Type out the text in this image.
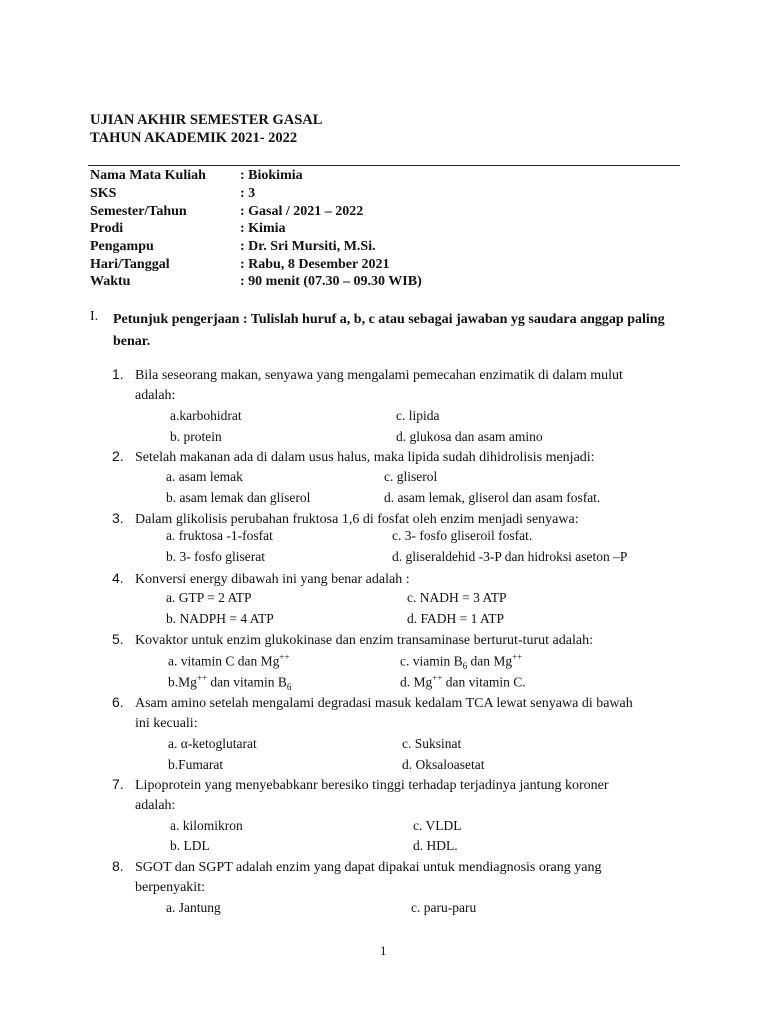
UJIAN AKHIR SEMESTER GASAL
TAHUN AKADEMIK 2021- 2022
Nama Mata Kuliah : Biokimia
SKS	: 3
Semester/Tahun	: Gasal / 2021 – 2022
Prodi	: Kimia
Pengampu	: Dr. Sri Mursiti, M.Si.
Hari/Tanggal	: Rabu, 8 Desember 2021
Waktu	: 90 menit (07.30 – 09.30 WIB)
I. Petunjuk pengerjaan : Tulislah huruf a, b, c atau sebagai jawaban yg saudara anggap paling benar.
1. Bila seseorang makan, senyawa yang mengalami pemecahan enzimatik di dalam mulut
adalah:
a.karbohidrat	c. lipida
b. protein	d. glukosa dan asam amino
2. Setelah makanan ada di dalam usus halus, maka lipida sudah dihidrolisis menjadi:
a. asam lemak	c. gliserol
b. asam lemak dan gliserol	d. asam lemak, gliserol dan asam fosfat.
3. Dalam glikolisis perubahan fruktosa 1,6 di fosfat oleh enzim menjadi senyawa:
a. fruktosa -1-fosfat	c. 3- fosfo gliseroil fosfat.
b. 3- fosfo gliserat	d. gliseraldehid -3-P dan hidroksi aseton –P
4. Konversi energy dibawah ini yang benar adalah :
a. GTP = 2 ATP	c. NADH = 3 ATP
b. NADPH = 4 ATP	d. FADH = 1 ATP
5. Kovaktor untuk enzim glukokinase dan enzim transaminase berturut-turut adalah:
a. vitamin C dan Mg++	c. viamin $B_6$ dan Mg++
b.Mg++ dan vitamin $B_6$	d. Mg++ dan vitamin C.
6. Asam amino setelah mengalami degradasi masuk kedalam TCA lewat senyawa di bawah
ini kecuali:
a. α-ketoglutarat	c. Suksinat
b.Fumarat	d. Oksaloasetat
7. Lipoprotein yang menyebabkanr beresiko tinggi terhadap terjadinya jantung koroner
adalah:
a. kilomikron	c. VLDL
b. LDL	d. HDL.
8. SGOT dan SGPT adalah enzim yang dapat dipakai untuk mendiagnosis orang yang
berpenyakit:
a. Jantung	c. paru-paru
1
